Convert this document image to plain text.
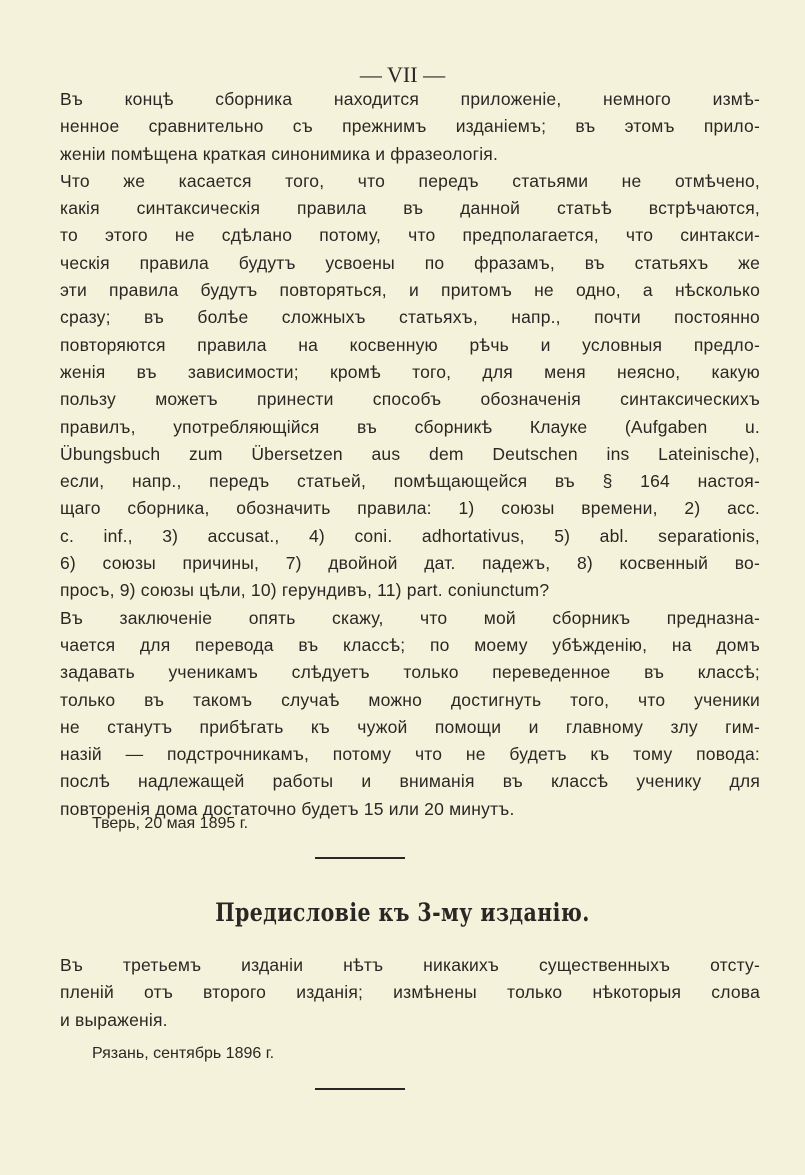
— VII —
Въ концѣ сборника находится приложенiе, немного измѣ-
ненное сравнительно съ прежнимъ изданiемъ; въ этомъ прило-
женiи помѣщена краткая синонимика и фразеологiя.
Что же касается того, что передъ статьями не отмѣчено,
какiя синтаксическiя правила въ данной статьѣ встрѣчаются,
то этого не сдѣлано потому, что предполагается, что синтакси-
ческiя правила будутъ усвоены по фразамъ, въ статьяхъ же
эти правила будутъ повторяться, и притомъ не одно, а нѣсколько
сразу; въ болѣе сложныхъ статьяхъ, напр., почти постоянно
повторяются правила на косвенную рѣчь и условныя предло-
женiя въ зависимости; кромѣ того, для меня неясно, какую
пользу можетъ принести способъ обозначенiя синтаксическихъ
правилъ, употребляющiйся въ сборникѣ Клауке (Aufgaben u.
Übungsbuch zum Übersetzen aus dem Deutschen ins Lateinische),
если, напр., передъ статьей, помѣщающейся въ § 164 настоя-
щаго сборника, обозначить правила: 1) союзы времени, 2) acc.
c. inf., 3) accusat., 4) coni. adhortativus, 5) abl. separationis,
6) союзы причины, 7) двойной дат. падежъ, 8) косвенный во-
просъ, 9) союзы цѣли, 10) герундивъ, 11) part. coniunctum?
Въ заключенiе опять скажу, что мой сборникъ предназна-
чается для перевода въ классѣ; по моему убѣжденiю, на домъ
задавать ученикамъ слѣдуетъ только переведенное въ классѣ;
только въ такомъ случаѣ можно достигнуть того, что ученики
не станутъ прибѣгать къ чужой помощи и главному злу гим-
назiй — подстрочникамъ, потому что не будетъ къ тому повода:
послѣ надлежащей работы и вниманiя въ классѣ ученику для
повторенiя дома достаточно будетъ 15 или 20 минутъ.
Тверь, 20 мая 1895 г.
Предисловiе къ 3-му изданiю.
Въ третьемъ изданiи нѣтъ никакихъ существенныхъ отсту-
пленiй отъ второго изданiя; измѣнены только нѣкоторыя слова
и выраженiя.
Рязань, сентябрь 1896 г.
